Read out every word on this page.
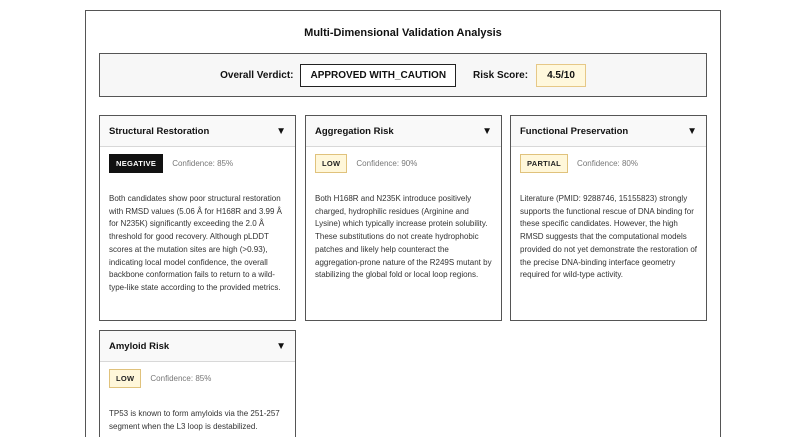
Multi-Dimensional Validation Analysis
Overall Verdict:	APPROVED WITH_CAUTION	Risk Score:	4.5/10
Structural Restoration	▼
NEGATIVE	Confidence: 85%
Both candidates show poor structural restoration with RMSD values (5.06 Å for H168R and 3.99 Å for N235K) significantly exceeding the 2.0 Å threshold for good recovery. Although pLDDT scores at the mutation sites are high (>0.93), indicating local model confidence, the overall backbone conformation fails to return to a wild-type-like state according to the provided metrics.
Aggregation Risk	▼
LOW	Confidence: 90%
Both H168R and N235K introduce positively charged, hydrophilic residues (Arginine and Lysine) which typically increase protein solubility. These substitutions do not create hydrophobic patches and likely help counteract the aggregation-prone nature of the R249S mutant by stabilizing the global fold or local loop regions.
Functional Preservation	▼
PARTIAL	Confidence: 80%
Literature (PMID: 9288746, 15155823) strongly supports the functional rescue of DNA binding for these specific candidates. However, the high RMSD suggests that the computational models provided do not yet demonstrate the restoration of the precise DNA-binding interface geometry required for wild-type activity.
Amyloid Risk	▼
LOW	Confidence: 85%
TP53 is known to form amyloids via the 251-257 segment when the L3 loop is destabilized.
